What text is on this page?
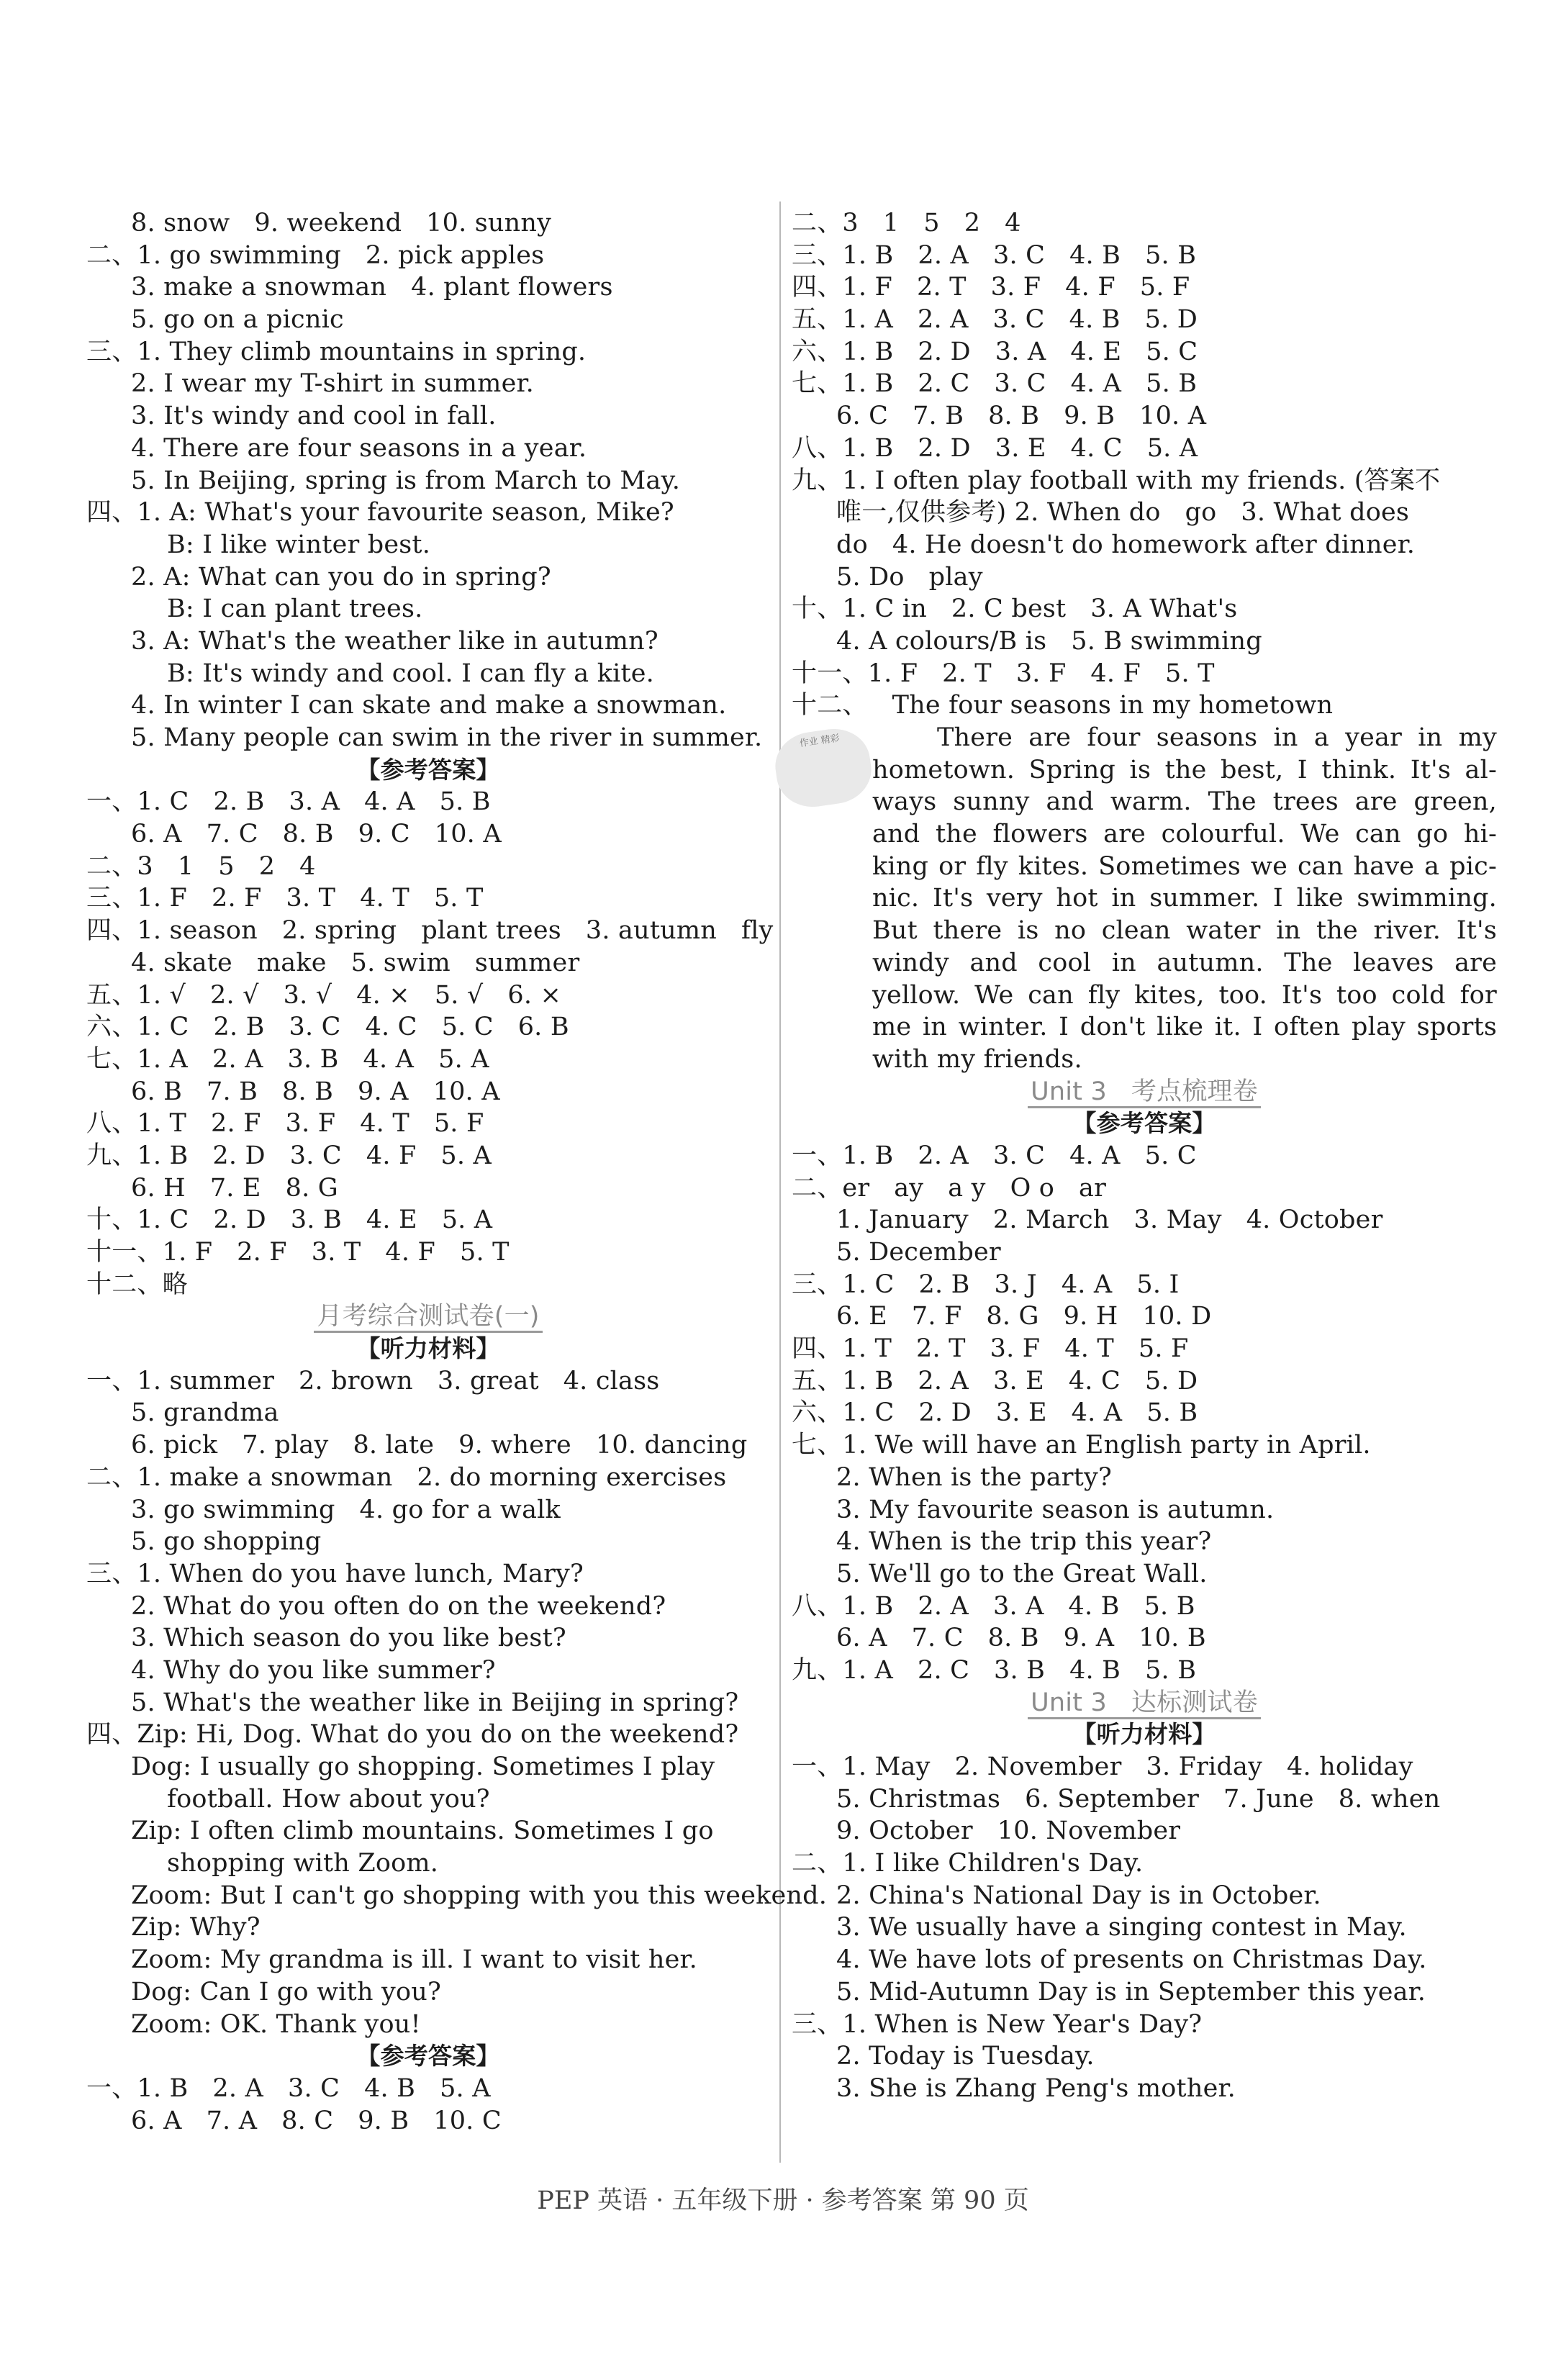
8. snow   9. weekend   10. sunny
二、1. go swimming   2. pick apples
3. make a snowman   4. plant flowers
5. go on a picnic
三、1. They climb mountains in spring.
2. I wear my T-shirt in summer.
3. It's windy and cool in fall.
4. There are four seasons in a year.
5. In Beijing, spring is from March to May.
四、1. A: What's your favourite season, Mike?
B: I like winter best.
2. A: What can you do in spring?
B: I can plant trees.
3. A: What's the weather like in autumn?
B: It's windy and cool. I can fly a kite.
4. In winter I can skate and make a snowman.
5. Many people can swim in the river in summer.
【参考答案】
一、1. C   2. B   3. A   4. A   5. B
6. A   7. C   8. B   9. C   10. A
二、3   1   5   2   4
三、1. F   2. F   3. T   4. T   5. T
四、1. season   2. spring   plant trees   3. autumn   fly
4. skate   make   5. swim   summer
五、1. √   2. √   3. √   4. ×   5. √   6. ×
六、1. C   2. B   3. C   4. C   5. C   6. B
七、1. A   2. A   3. B   4. A   5. A
6. B   7. B   8. B   9. A   10. A
八、1. T   2. F   3. F   4. T   5. F
九、1. B   2. D   3. C   4. F   5. A
6. H   7. E   8. G
十、1. C   2. D   3. B   4. E   5. A
十一、1. F   2. F   3. T   4. F   5. T
十二、略
月考综合测试卷(一)
【听力材料】
一、1. summer   2. brown   3. great   4. class
5. grandma
6. pick   7. play   8. late   9. where   10. dancing
二、1. make a snowman   2. do morning exercises
3. go swimming   4. go for a walk
5. go shopping
三、1. When do you have lunch, Mary?
2. What do you often do on the weekend?
3. Which season do you like best?
4. Why do you like summer?
5. What's the weather like in Beijing in spring?
四、Zip: Hi, Dog. What do you do on the weekend?
Dog: I usually go shopping. Sometimes I play
football. How about you?
Zip: I often climb mountains. Sometimes I go
shopping with Zoom.
Zoom: But I can't go shopping with you this weekend.
Zip: Why?
Zoom: My grandma is ill. I want to visit her.
Dog: Can I go with you?
Zoom: OK. Thank you!
【参考答案】
一、1. B   2. A   3. C   4. B   5. A
6. A   7. A   8. C   9. B   10. C
二、3   1   5   2   4
三、1. B   2. A   3. C   4. B   5. B
四、1. F   2. T   3. F   4. F   5. F
五、1. A   2. A   3. C   4. B   5. D
六、1. B   2. D   3. A   4. E   5. C
七、1. B   2. C   3. C   4. A   5. B
6. C   7. B   8. B   9. B   10. A
八、1. B   2. D   3. E   4. C   5. A
九、1. I often play football with my friends. (答案不
唯一,仅供参考) 2. When do   go   3. What does
do   4. He doesn't do homework after dinner.
5. Do   play
十、1. C in   2. C best   3. A What's
4. A colours/B is   5. B swimming
十一、1. F   2. T   3. F   4. F   5. T
十二、   The four seasons in my hometown
作业 精彩	There are four seasons in a year in my
hometown. Spring is the best, I think. It's al-
ways sunny and warm. The trees are green,
and the flowers are colourful. We can go hi-
king or fly kites. Sometimes we can have a pic-
nic. It's very hot in summer. I like swimming.
But there is no clean water in the river. It's
windy and cool in autumn. The leaves are
yellow. We can fly kites, too. It's too cold for
me in winter. I don't like it. I often play sports
with my friends.
Unit 3   考点梳理卷
【参考答案】
一、1. B   2. A   3. C   4. A   5. C
二、er   ay   a y   O o   ar
1. January   2. March   3. May   4. October
5. December
三、1. C   2. B   3. J   4. A   5. I
6. E   7. F   8. G   9. H   10. D
四、1. T   2. T   3. F   4. T   5. F
五、1. B   2. A   3. E   4. C   5. D
六、1. C   2. D   3. E   4. A   5. B
七、1. We will have an English party in April.
2. When is the party?
3. My favourite season is autumn.
4. When is the trip this year?
5. We'll go to the Great Wall.
八、1. B   2. A   3. A   4. B   5. B
6. A   7. C   8. B   9. A   10. B
九、1. A   2. C   3. B   4. B   5. B
Unit 3   达标测试卷
【听力材料】
一、1. May   2. November   3. Friday   4. holiday
5. Christmas   6. September   7. June   8. when
9. October   10. November
二、1. I like Children's Day.
2. China's National Day is in October.
3. We usually have a singing contest in May.
4. We have lots of presents on Christmas Day.
5. Mid-Autumn Day is in September this year.
三、1. When is New Year's Day?
2. Today is Tuesday.
3. She is Zhang Peng's mother.
PEP 英语 · 五年级下册 · 参考答案 第 90 页
